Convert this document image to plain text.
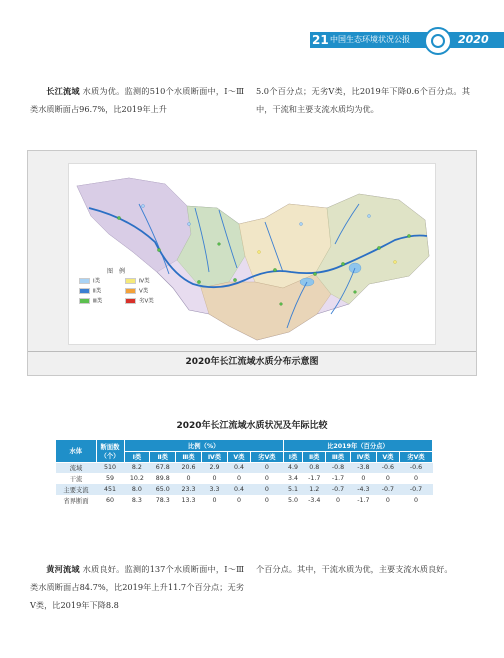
21 中国生态环境状况公报	2020
长江流域 水质为优。监测的510个水质断面中，Ⅰ～Ⅲ类水质断面占96.7%，比2019年上升
5.0个百分点；无劣Ⅴ类，比2019年下降0.6个百分点。其中，干流和主要支流水质均为优。
图　例
Ⅰ类	Ⅳ类
Ⅱ类	Ⅴ类
Ⅲ类	劣Ⅴ类
2020年长江流域水质分布示意图
2020年长江流域水质状况及年际比较
水体	断面数（个）	比例（%）						比2019年（百分点）					
		Ⅰ类	Ⅱ类	Ⅲ类	Ⅳ类	Ⅴ类	劣Ⅴ类	Ⅰ类	Ⅱ类	Ⅲ类	Ⅳ类	Ⅴ类	劣Ⅴ类
流域	510	8.2	67.8	20.6	2.9	0.4	0	4.9	0.8	-0.8	-3.8	-0.6	-0.6
干流	59	10.2	89.8	0	0	0	0	3.4	-1.7	-1.7	0	0	0
主要支流	451	8.0	65.0	23.3	3.3	0.4	0	5.1	1.2	-0.7	-4.3	-0.7	-0.7
省界断面	60	8.3	78.3	13.3	0	0	0	5.0	-3.4	0	-1.7	0	0
黄河流域 水质良好。监测的137个水质断面中，Ⅰ～Ⅲ类水质断面占84.7%，比2019年上升11.7个百分点；无劣Ⅴ类，比2019年下降8.8
个百分点。其中，干流水质为优，主要支流水质良好。
